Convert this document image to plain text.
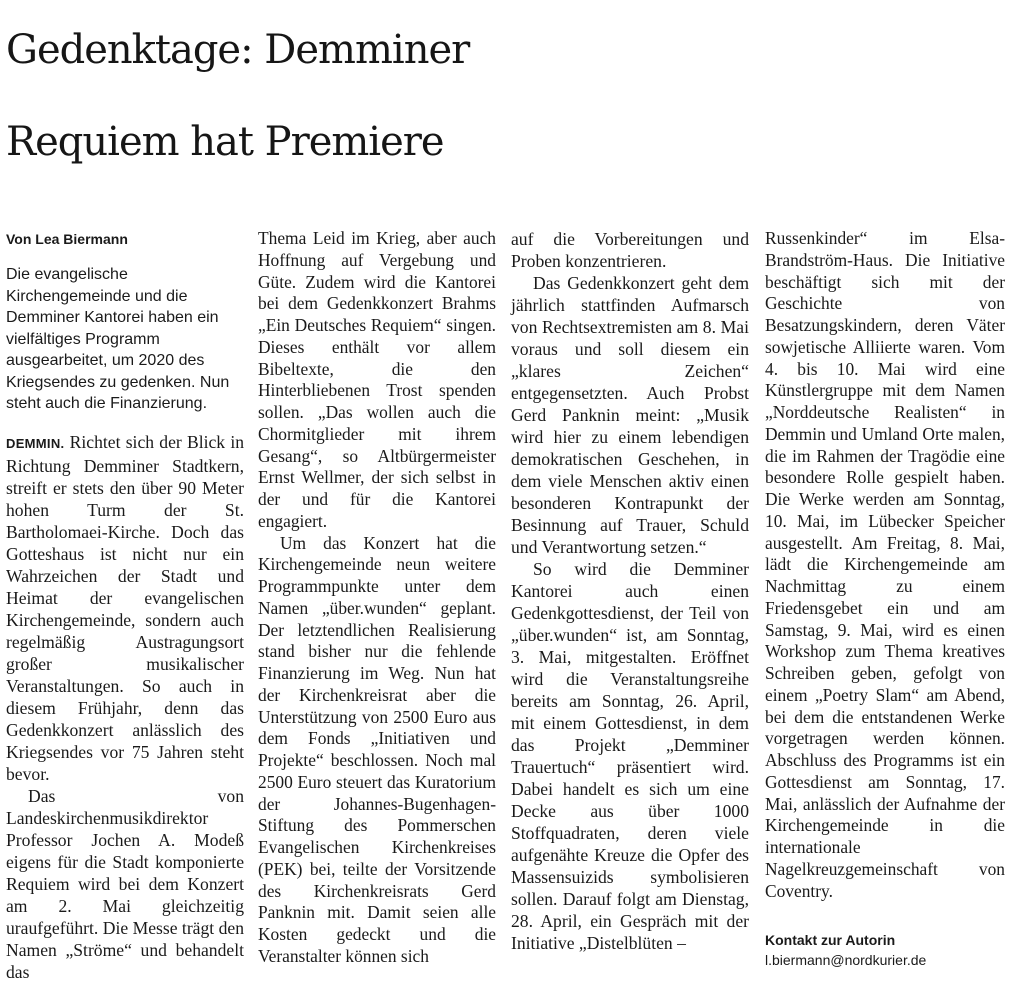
Gedenktage: Demminer
Requiem hat Premiere
Von Lea Biermann
Die evangelische Kirchengemeinde und die Demminer Kantorei haben ein vielfältiges Programm ausgearbeitet, um 2020 des Kriegsendes zu gedenken. Nun steht auch die Finanzierung.

DEMMIN. Richtet sich der Blick in Richtung Demminer Stadtkern, streift er stets den über 90 Meter hohen Turm der St. Bartholomaei-Kirche. Doch das Gotteshaus ist nicht nur ein Wahrzeichen der Stadt und Heimat der evangelischen Kirchengemeinde, sondern auch regelmäßig Austragungsort großer musikalischer Veranstaltungen. So auch in diesem Frühjahr, denn das Gedenkkonzert anlässlich des Kriegsendes vor 75 Jahren steht bevor.

Das von Landeskirchenmusikdirektor Professor Jochen A. Modeß eigens für die Stadt komponierte Requiem wird bei dem Konzert am 2. Mai gleichzeitig uraufgeführt. Die Messe trägt den Namen „Ströme“ und behandelt das

Thema Leid im Krieg, aber auch Hoffnung auf Vergebung und Güte. Zudem wird die Kantorei bei dem Gedenkkonzert Brahms „Ein Deutsches Requiem“ singen. Dieses enthält vor allem Bibeltexte, die den Hinterbliebenen Trost spenden sollen. „Das wollen auch die Chormitglieder mit ihrem Gesang“, so Altbürgermeister Ernst Wellmer, der sich selbst in der und für die Kantorei engagiert.

Um das Konzert hat die Kirchengemeinde neun weitere Programmpunkte unter dem Namen „über.wunden“ geplant. Der letztendlichen Realisierung stand bisher nur die fehlende Finanzierung im Weg. Nun hat der Kirchenkreisrat aber die Unterstützung von 2500 Euro aus dem Fonds „Initiativen und Projekte“ beschlossen. Noch mal 2500 Euro steuert das Kuratorium der Johannes-Bugenhagen-Stiftung des Pommerschen Evangelischen Kirchenkreises (PEK) bei, teilte der Vorsitzende des Kirchenkreisrats Gerd Panknin mit. Damit seien alle Kosten gedeckt und die Veranstalter können sich

auf die Vorbereitungen und Proben konzentrieren.

Das Gedenkkonzert geht dem jährlich stattfinden Aufmarsch von Rechtsextremisten am 8. Mai voraus und soll diesem ein „klares Zeichen“ entgegensetzten. Auch Probst Gerd Panknin meint: „Musik wird hier zu einem lebendigen demokratischen Geschehen, in dem viele Menschen aktiv einen besonderen Kontrapunkt der Besinnung auf Trauer, Schuld und Verantwortung setzen.“

So wird die Demminer Kantorei auch einen Gedenkgottesdienst, der Teil von „über.wunden“ ist, am Sonntag, 3. Mai, mitgestalten. Eröffnet wird die Veranstaltungsreihe bereits am Sonntag, 26. April, mit einem Gottesdienst, in dem das Projekt „Demminer Trauertuch“ präsentiert wird. Dabei handelt es sich um eine Decke aus über 1000 Stoffquadraten, deren viele aufgenähte Kreuze die Opfer des Massensuizids symbolisieren sollen. Darauf folgt am Dienstag, 28. April, ein Gespräch mit der Initiative „Distelblüten –

Russenkinder“ im Elsa-Brandström-Haus. Die Initiative beschäftigt sich mit der Geschichte von Besatzungskindern, deren Väter sowjetische Alliierte waren. Vom 4. bis 10. Mai wird eine Künstlergruppe mit dem Namen „Norddeutsche Realisten“ in Demmin und Umland Orte malen, die im Rahmen der Tragödie eine besondere Rolle gespielt haben. Die Werke werden am Sonntag, 10. Mai, im Lübecker Speicher ausgestellt. Am Freitag, 8. Mai, lädt die Kirchengemeinde am Nachmittag zu einem Friedensgebet ein und am Samstag, 9. Mai, wird es einen Workshop zum Thema kreatives Schreiben geben, gefolgt von einem „Poetry Slam“ am Abend, bei dem die entstandenen Werke vorgetragen werden können. Abschluss des Programms ist ein Gottesdienst am Sonntag, 17. Mai, anlässlich der Aufnahme der Kirchengemeinde in die internationale Nagelkreuzgemeinschaft von Coventry.

Kontakt zur Autorin
l.biermann@nordkurier.de
